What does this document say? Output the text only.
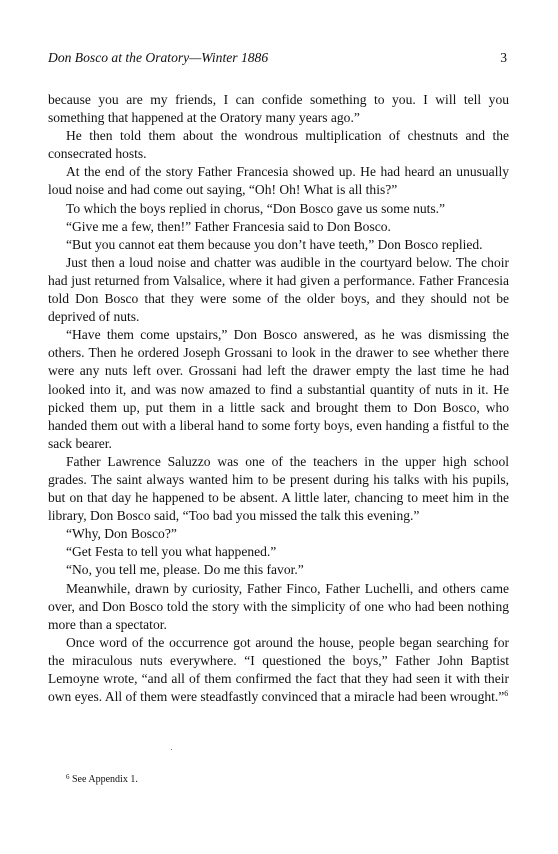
Don Bosco at the Oratory—Winter 1886	3

because you are my friends, I can confide something to you. I will tell you something that happened at the Oratory many years ago.”

He then told them about the wondrous multiplication of chestnuts and the consecrated hosts.

At the end of the story Father Francesia showed up. He had heard an unusually loud noise and had come out saying, “Oh! Oh! What is all this?”

To which the boys replied in chorus, “Don Bosco gave us some nuts.”

“Give me a few, then!” Father Francesia said to Don Bosco.

“But you cannot eat them because you don’t have teeth,” Don Bosco replied.

Just then a loud noise and chatter was audible in the courtyard below. The choir had just returned from Valsalice, where it had given a performance. Father Francesia told Don Bosco that they were some of the older boys, and they should not be deprived of nuts.

“Have them come upstairs,” Don Bosco answered, as he was dismissing the others. Then he ordered Joseph Grossani to look in the drawer to see whether there were any nuts left over. Grossani had left the drawer empty the last time he had looked into it, and was now amazed to find a substantial quantity of nuts in it. He picked them up, put them in a little sack and brought them to Don Bosco, who handed them out with a liberal hand to some forty boys, even handing a fistful to the sack bearer.

Father Lawrence Saluzzo was one of the teachers in the upper high school grades. The saint always wanted him to be present during his talks with his pupils, but on that day he happened to be absent. A little later, chancing to meet him in the library, Don Bosco said, “Too bad you missed the talk this evening.”

“Why, Don Bosco?”

“Get Festa to tell you what happened.”

“No, you tell me, please. Do me this favor.”

Meanwhile, drawn by curiosity, Father Finco, Father Luchelli, and others came over, and Don Bosco told the story with the simplicity of one who had been nothing more than a spectator.

Once word of the occurrence got around the house, people began searching for the miraculous nuts everywhere. “I questioned the boys,” Father John Baptist Lemoyne wrote, “and all of them confirmed the fact that they had seen it with their own eyes. All of them were steadfastly convinced that a miracle had been wrought.”$^6$

$^6$ See Appendix 1.
